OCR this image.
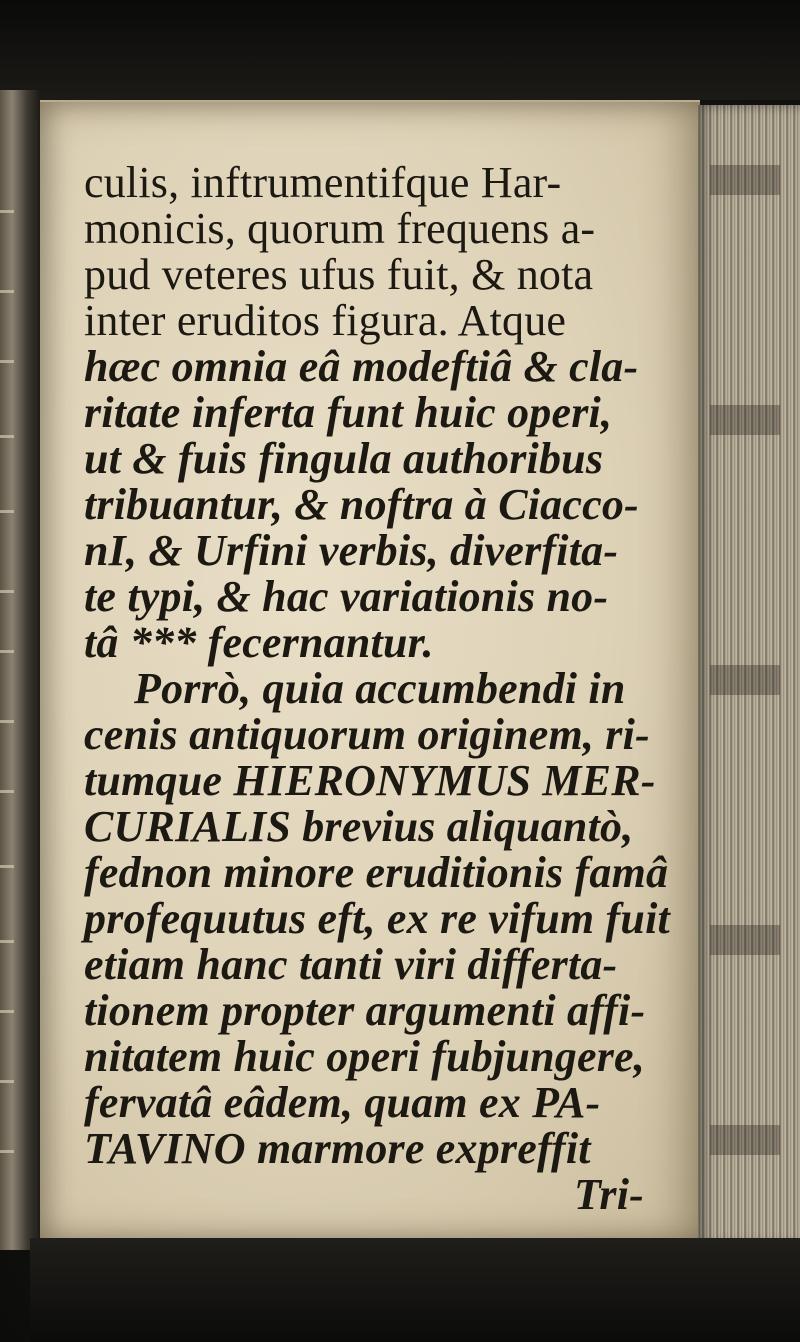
culis, inftrumentifque Har-
monicis, quorum frequens a-
pud veteres ufus fuit, & nota
inter eruditos figura. Atque
hæc omnia eâ modeftiâ & cla-
ritate inferta funt huic operi,
ut & fuis fingula authoribus
tribuantur, & noftra à Ciacco-
nI, & Urfini verbis, diverfita-
te typi, & hac variationis no-
tâ *** fecernantur.
Porrò, quia accumbendi in
cenis antiquorum originem, ri-
tumque HIERONYMUS MER-
CURIALIS brevius aliquantò,
fednon minore eruditionis famâ
profequutus eft, ex re vifum fuit
etiam hanc tanti viri differta-
tionem propter argumenti affi-
nitatem huic operi fubjungere,
fervatâ eâdem, quam ex PA-
TAVINO marmore expreffit
Tri-
